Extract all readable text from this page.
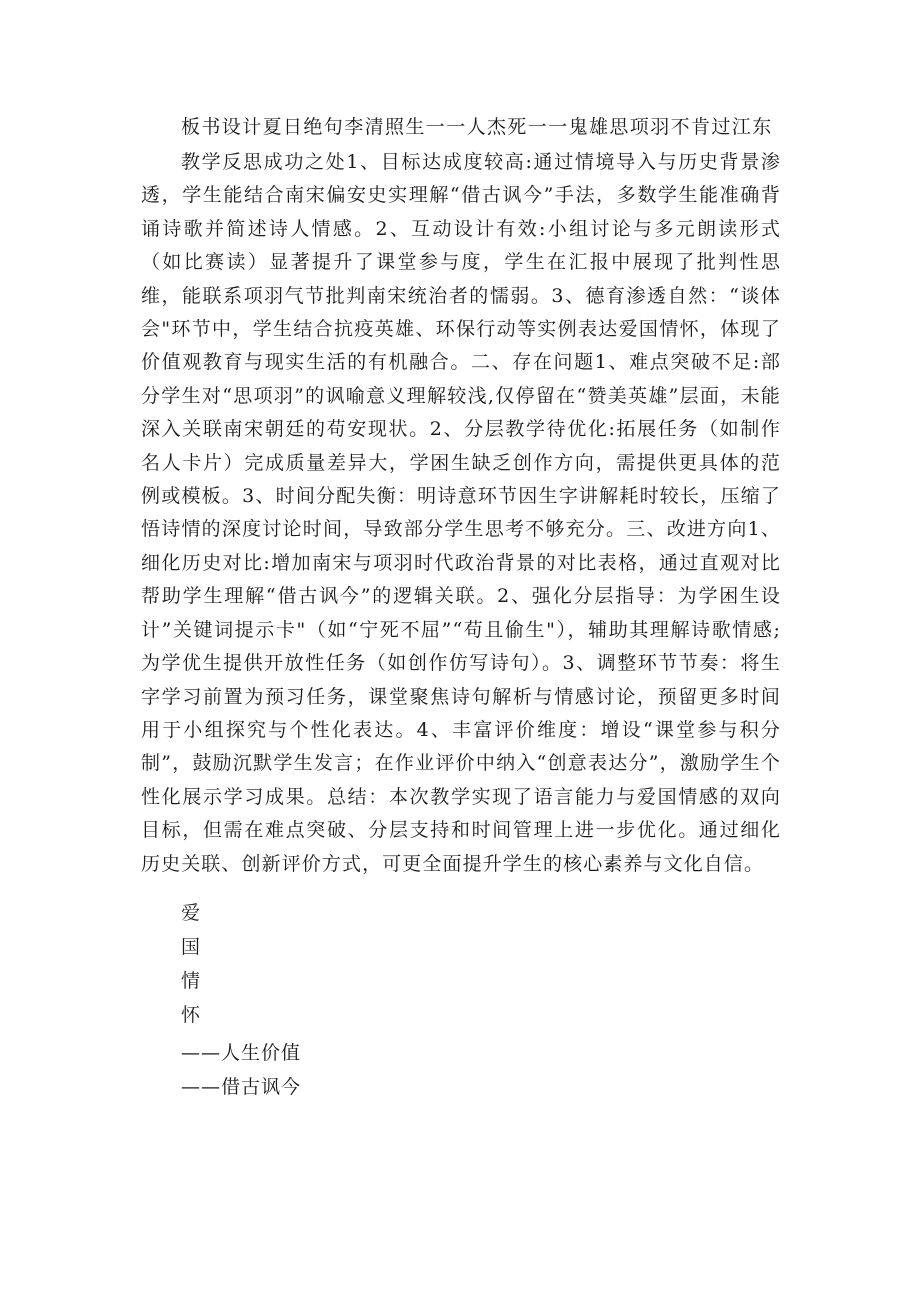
板书设计夏日绝句李清照生一一人杰死一一鬼雄思项羽不肯过江东

教学反思成功之处1、目标达成度较高:通过情境导入与历史背景渗透，学生能结合南宋偏安史实理解“借古讽今”手法，多数学生能准确背诵诗歌并简述诗人情感。2、互动设计有效:小组讨论与多元朗读形式（如比赛读）显著提升了课堂参与度，学生在汇报中展现了批判性思维，能联系项羽气节批判南宋统治者的懦弱。3、德育渗透自然：“谈体会"环节中，学生结合抗疫英雄、环保行动等实例表达爱国情怀，体现了价值观教育与现实生活的有机融合。二、存在问题1、难点突破不足:部分学生对“思项羽”的讽喻意义理解较浅,仅停留在“赞美英雄”层面，未能深入关联南宋朝廷的苟安现状。2、分层教学待优化:拓展任务（如制作名人卡片）完成质量差异大，学困生缺乏创作方向，需提供更具体的范例或模板。3、时间分配失衡：明诗意环节因生字讲解耗时较长，压缩了悟诗情的深度讨论时间，导致部分学生思考不够充分。三、改进方向1、细化历史对比:增加南宋与项羽时代政治背景的对比表格，通过直观对比帮助学生理解“借古讽今”的逻辑关联。2、强化分层指导：为学困生设计”关键词提示卡"（如“宁死不屈”“苟且偷生"），辅助其理解诗歌情感;为学优生提供开放性任务（如创作仿写诗句）。3、调整环节节奏：将生字学习前置为预习任务，课堂聚焦诗句解析与情感讨论，预留更多时间用于小组探究与个性化表达。4、丰富评价维度：增设“课堂参与积分制”，鼓励沉默学生发言；在作业评价中纳入“创意表达分”，激励学生个性化展示学习成果。总结：本次教学实现了语言能力与爱国情感的双向目标，但需在难点突破、分层支持和时间管理上进一步优化。通过细化历史关联、创新评价方式，可更全面提升学生的核心素养与文化自信。

爱
国
情
怀
——人生价值
——借古讽今
